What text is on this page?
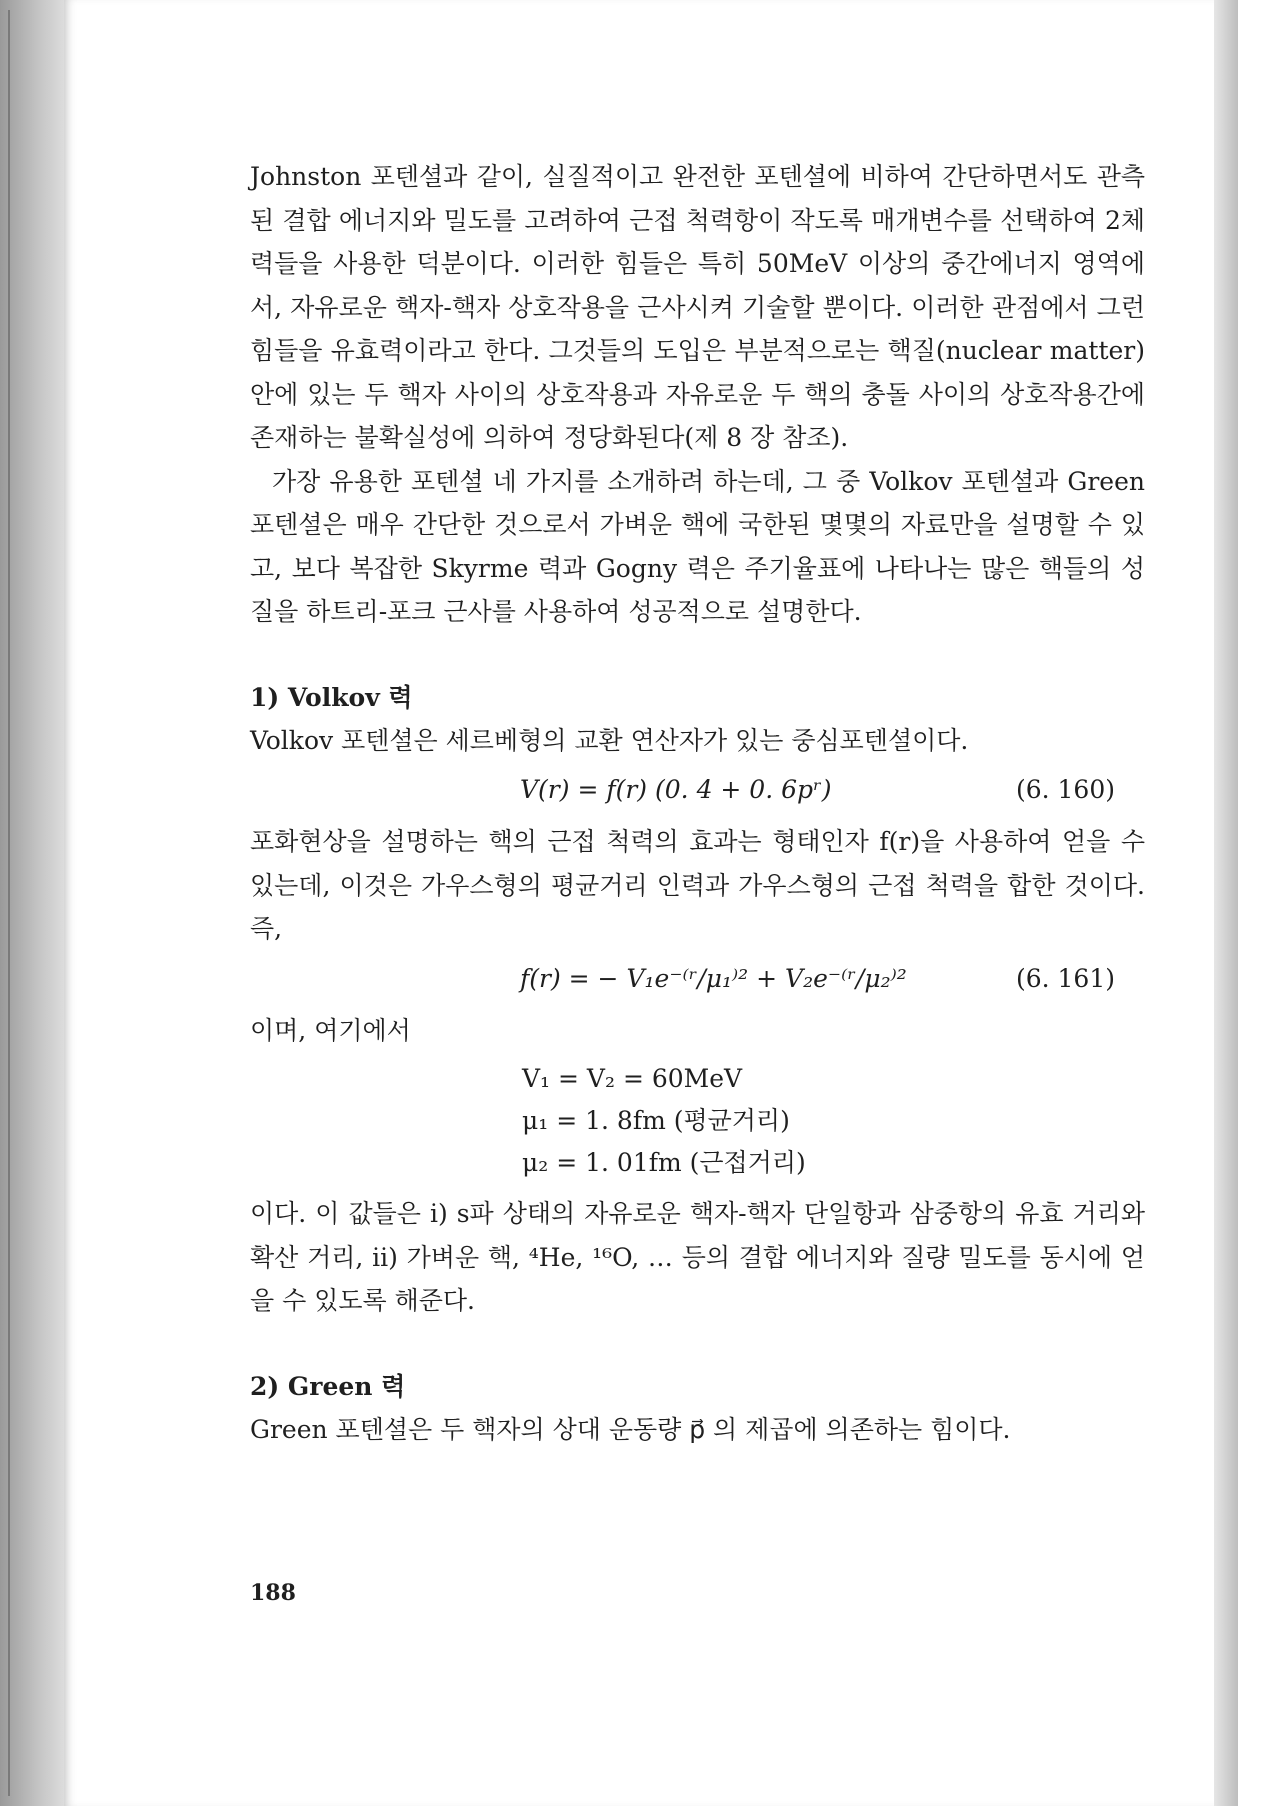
Johnston 포텐셜과 같이, 실질적이고 완전한 포텐셜에 비하여 간단하면서도 관측된 결합 에너지와 밀도를 고려하여 근접 척력항이 작도록 매개변수를 선택하여 2체력들을 사용한 덕분이다. 이러한 힘들은 특히 50MeV 이상의 중간에너지 영역에서, 자유로운 핵자-핵자 상호작용을 근사시켜 기술할 뿐이다. 이러한 관점에서 그런 힘들을 유효력이라고 한다. 그것들의 도입은 부분적으로는 핵질(nuclear matter) 안에 있는 두 핵자 사이의 상호작용과 자유로운 두 핵의 충돌 사이의 상호작용간에 존재하는 불확실성에 의하여 정당화된다(제 8 장 참조).

가장 유용한 포텐셜 네 가지를 소개하려 하는데, 그 중 Volkov 포텐셜과 Green 포텐셜은 매우 간단한 것으로서 가벼운 핵에 국한된 몇몇의 자료만을 설명할 수 있고, 보다 복잡한 Skyrme 력과 Gogny 력은 주기율표에 나타나는 많은 핵들의 성질을 하트리-포크 근사를 사용하여 성공적으로 설명한다.

1) Volkov 력

Volkov 포텐셜은 세르베형의 교환 연산자가 있는 중심포텐셜이다.

V(r) = f(r) (0. 4 + 0. 6pʳ)	(6. 160)

포화현상을 설명하는 핵의 근접 척력의 효과는 형태인자 f(r)을 사용하여 얻을 수 있는데, 이것은 가우스형의 평균거리 인력과 가우스형의 근접 척력을 합한 것이다. 즉,

f(r) = − V₁e⁻⁽ʳ/μ₁⁾² + V₂e⁻⁽ʳ/μ₂⁾²	(6. 161)

이며, 여기에서

V₁ = V₂ = 60MeV
μ₁ = 1. 8fm (평균거리)
μ₂ = 1. 01fm (근접거리)

이다. 이 값들은 i) s파 상태의 자유로운 핵자-핵자 단일항과 삼중항의 유효 거리와 확산 거리, ii) 가벼운 핵, ⁴He, ¹⁶O, … 등의 결합 에너지와 질량 밀도를 동시에 얻을 수 있도록 해준다.

2) Green 력

Green 포텐셜은 두 핵자의 상대 운동량 p⃗ 의 제곱에 의존하는 힘이다.

188
